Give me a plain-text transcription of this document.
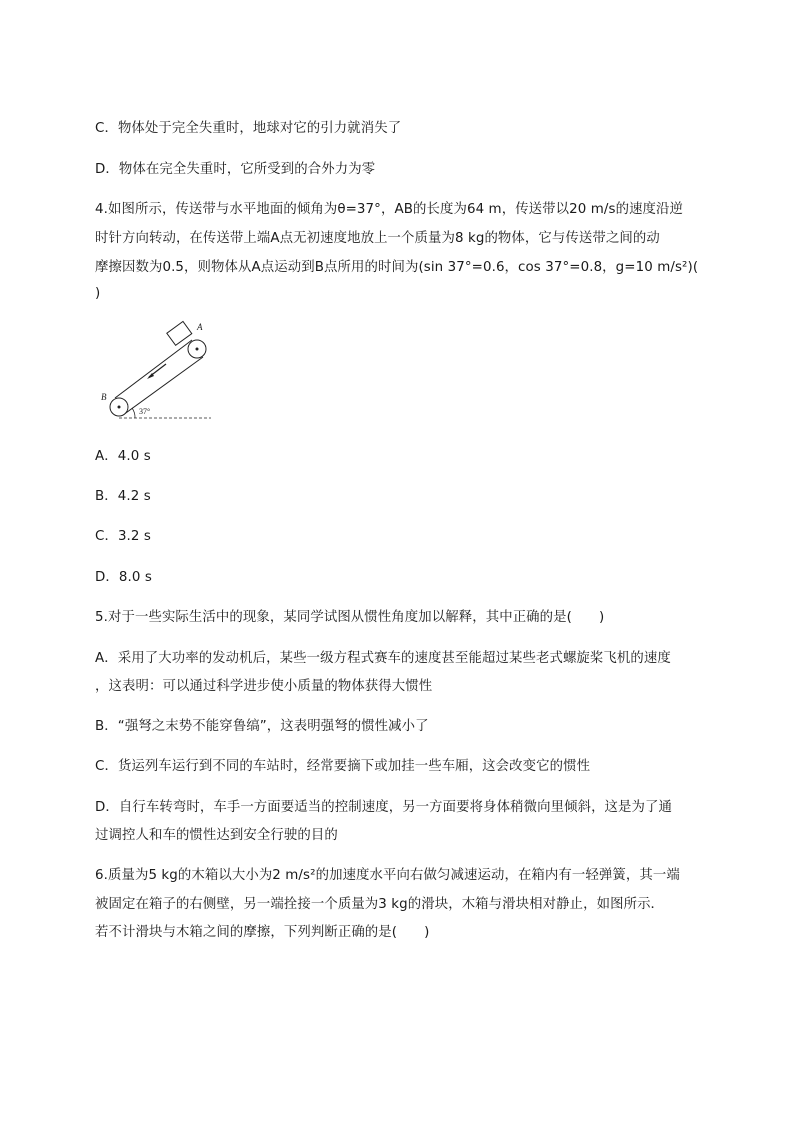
C．物体处于完全失重时，地球对它的引力就消失了
D．物体在完全失重时，它所受到的合外力为零
4.如图所示，传送带与水平地面的倾角为θ=37°，AB的长度为64 m，传送带以20 m/s的速度沿逆
时针方向转动，在传送带上端A点无初速度地放上一个质量为8 kg的物体，它与传送带之间的动
摩擦因数为0.5，则物体从A点运动到B点所用的时间为(sin 37°=0.6，cos 37°=0.8，g=10 m/s²)(
)
A
B
37°
A．4.0 s
B．4.2 s
C．3.2 s
D．8.0 s
5.对于一些实际生活中的现象，某同学试图从惯性角度加以解释，其中正确的是(　　)
A．采用了大功率的发动机后，某些一级方程式赛车的速度甚至能超过某些老式螺旋桨飞机的速度
，这表明：可以通过科学进步使小质量的物体获得大惯性
B．“强弩之末势不能穿鲁缟”，这表明强弩的惯性减小了
C．货运列车运行到不同的车站时，经常要摘下或加挂一些车厢，这会改变它的惯性
D．自行车转弯时，车手一方面要适当的控制速度，另一方面要将身体稍微向里倾斜，这是为了通
过调控人和车的惯性达到安全行驶的目的
6.质量为5 kg的木箱以大小为2 m/s²的加速度水平向右做匀减速运动，在箱内有一轻弹簧，其一端
被固定在箱子的右侧壁，另一端拴接一个质量为3 kg的滑块，木箱与滑块相对静止，如图所示．
若不计滑块与木箱之间的摩擦，下列判断正确的是(　　)
